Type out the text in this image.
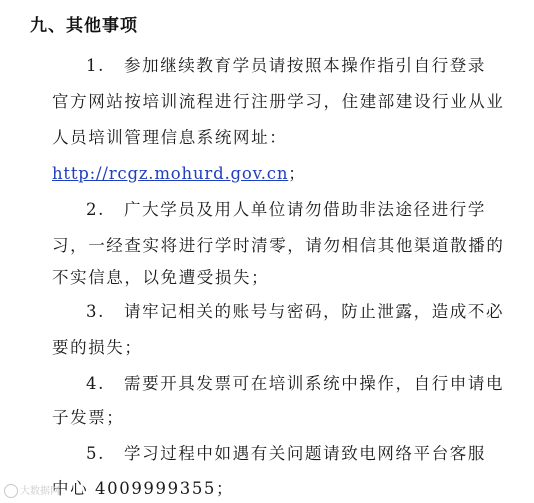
九、其他事项
1. 参加继续教育学员请按照本操作指引自行登录
官方网站按培训流程进行注册学习，住建部建设行业从业
人员培训管理信息系统网址：
http://rcgz.mohurd.gov.cn；
2. 广大学员及用人单位请勿借助非法途径进行学
习，一经查实将进行学时清零，请勿相信其他渠道散播的
不实信息，以免遭受损失；
3. 请牢记相关的账号与密码，防止泄露，造成不必
要的损失；
4. 需要开具发票可在培训系统中操作，自行申请电
子发票；
5. 学习过程中如遇有关问题请致电网络平台客服
中心 4009999355；
大数据网
